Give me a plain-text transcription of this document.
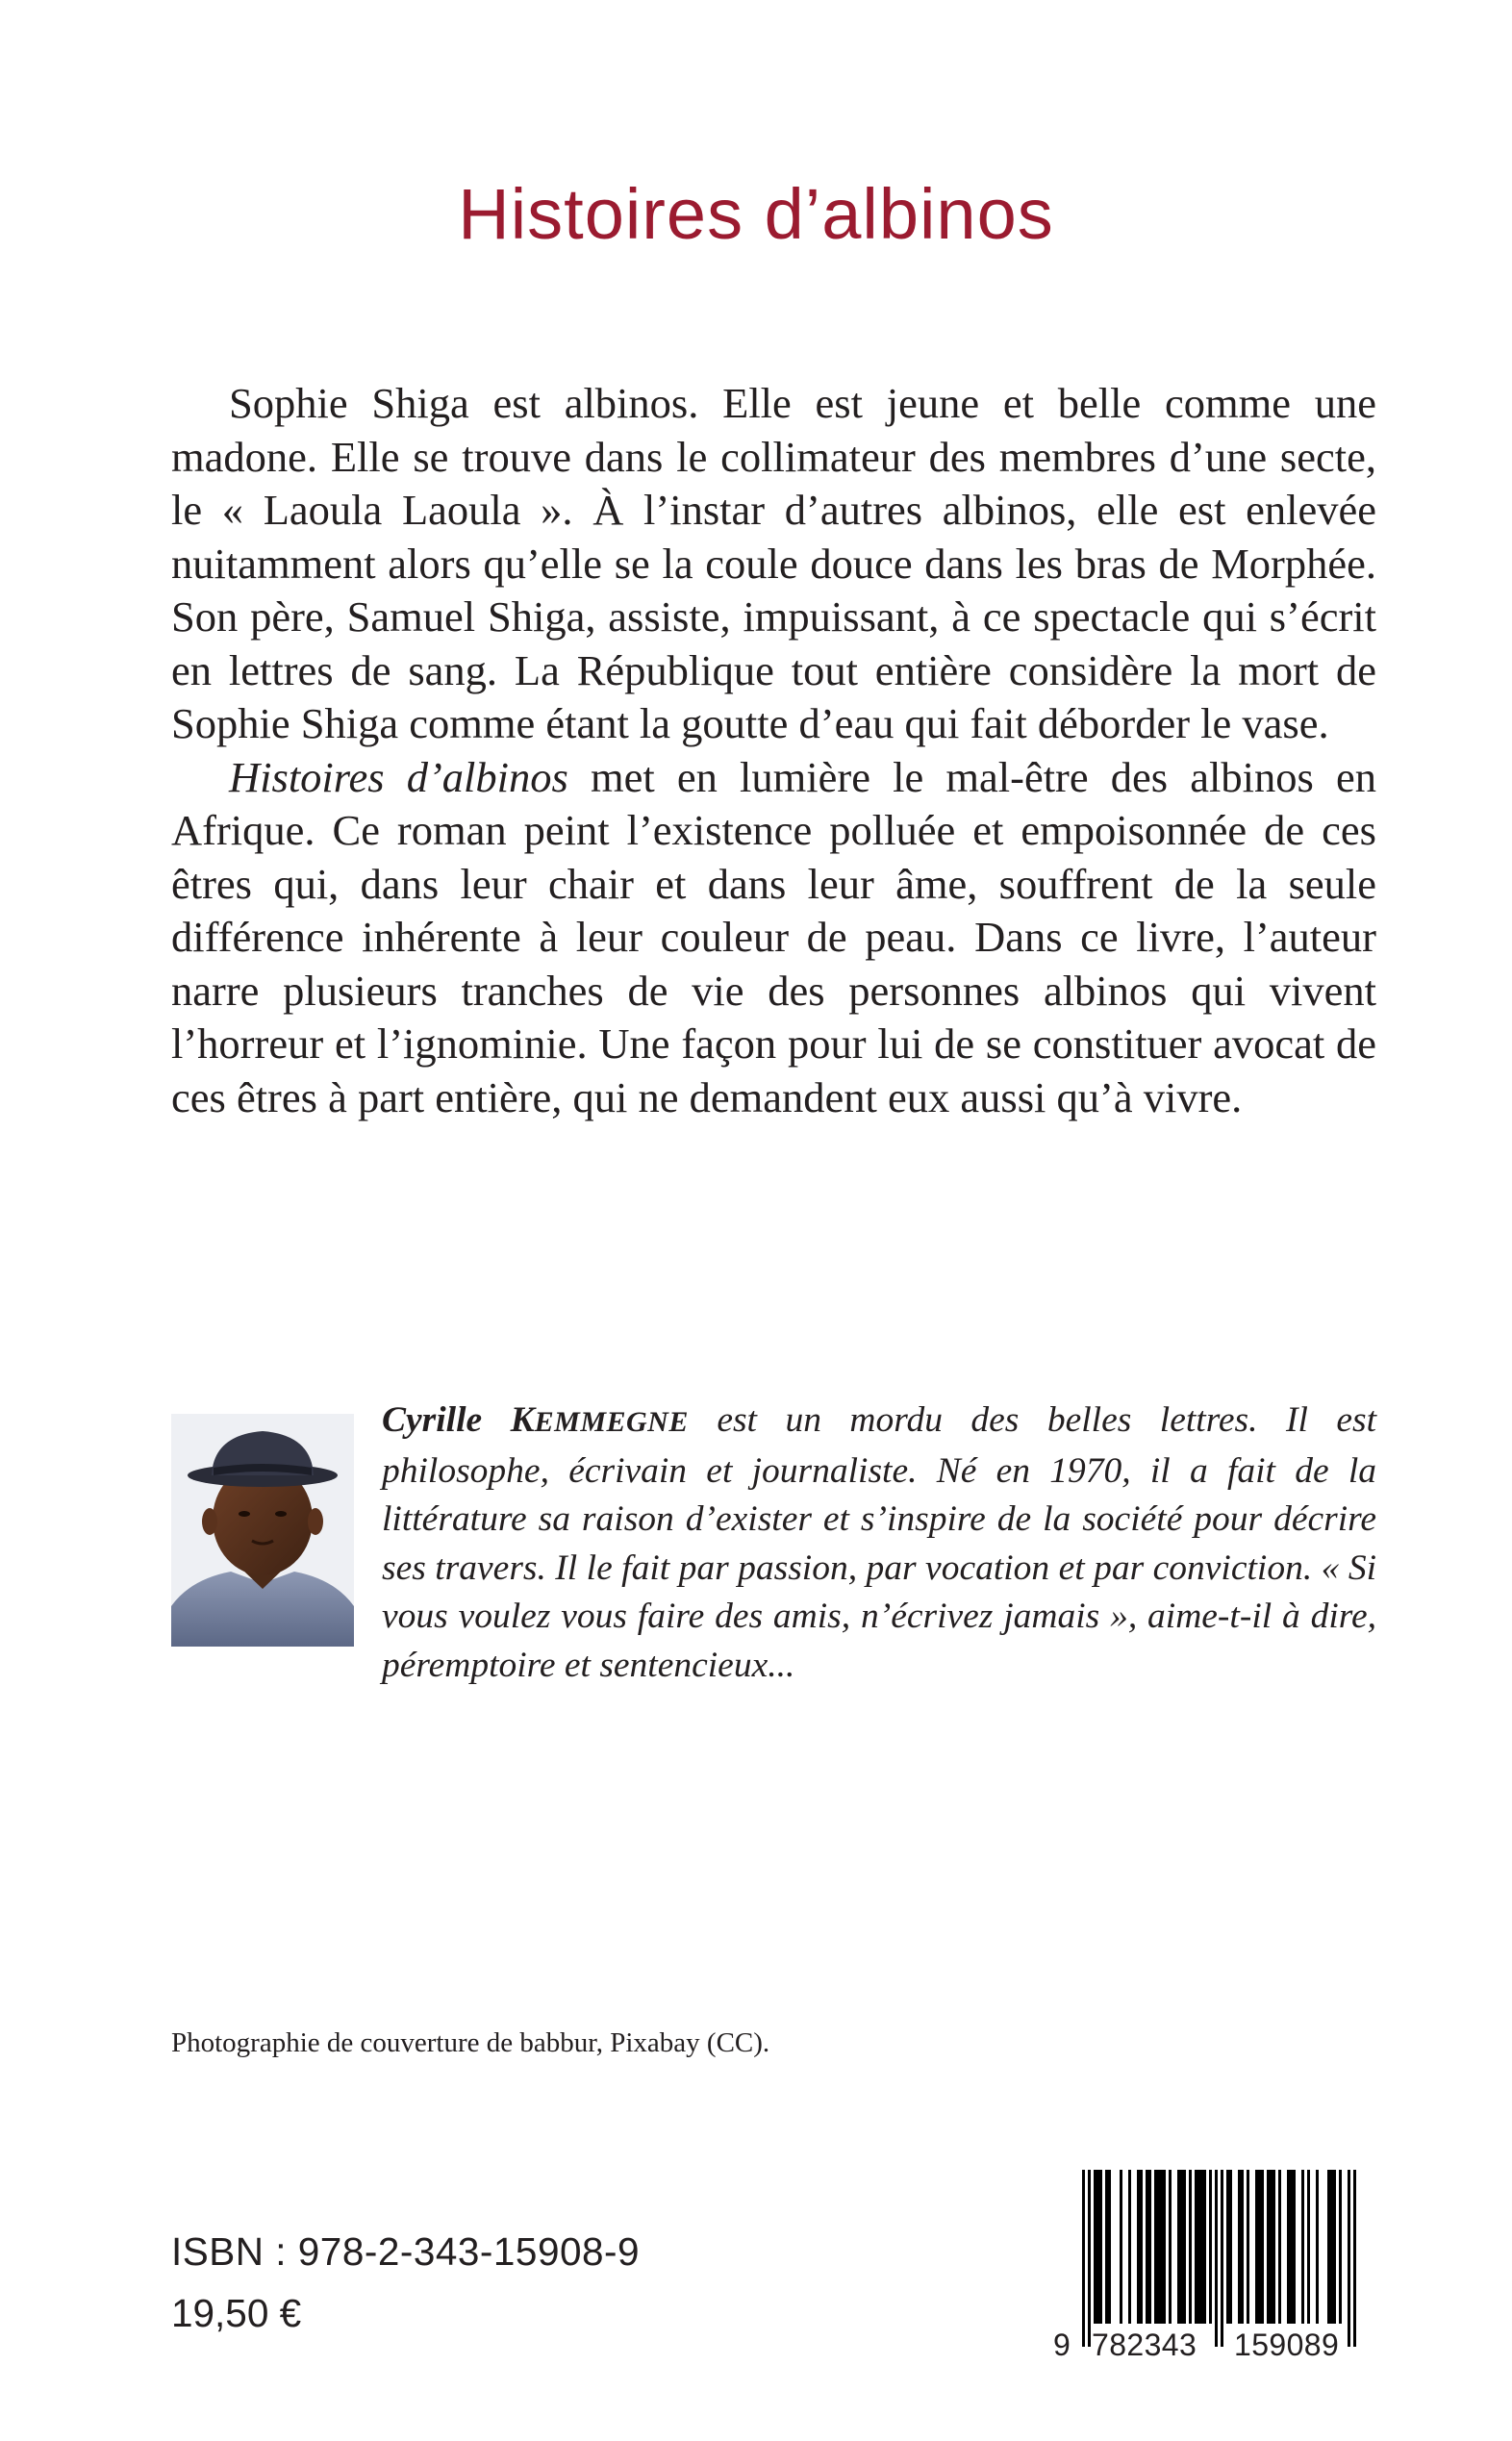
Histoires d’albinos

Sophie Shiga est albinos. Elle est jeune et belle comme une madone. Elle se trouve dans le collimateur des membres d’une secte, le « Laoula Laoula ». À l’instar d’autres albinos, elle est enlevée nuitamment alors qu’elle se la coule douce dans les bras de Morphée. Son père, Samuel Shiga, assiste, impuissant, à ce spectacle qui s’écrit en lettres de sang. La République tout entière considère la mort de Sophie Shiga comme étant la goutte d’eau qui fait déborder le vase.

Histoires d’albinos met en lumière le mal-être des albinos en Afrique. Ce roman peint l’existence polluée et empoisonnée de ces êtres qui, dans leur chair et dans leur âme, souffrent de la seule différence inhérente à leur couleur de peau. Dans ce livre, l’auteur narre plusieurs tranches de vie des personnes albinos qui vivent l’horreur et l’ignominie. Une façon pour lui de se constituer avocat de ces êtres à part entière, qui ne demandent eux aussi qu’à vivre.

Cyrille KEMMEGNE est un mordu des belles lettres. Il est philosophe, écrivain et journaliste. Né en 1970, il a fait de la littérature sa raison d’exister et s’inspire de la société pour décrire ses travers. Il le fait par passion, par vocation et par conviction. « Si vous voulez vous faire des amis, n’écrivez jamais », aime-t-il à dire, péremptoire et sentencieux...
Photographie de couverture de babbur, Pixabay (CC).
ISBN : 978-2-343-15908-9
19,50 €
9 782343 159089
